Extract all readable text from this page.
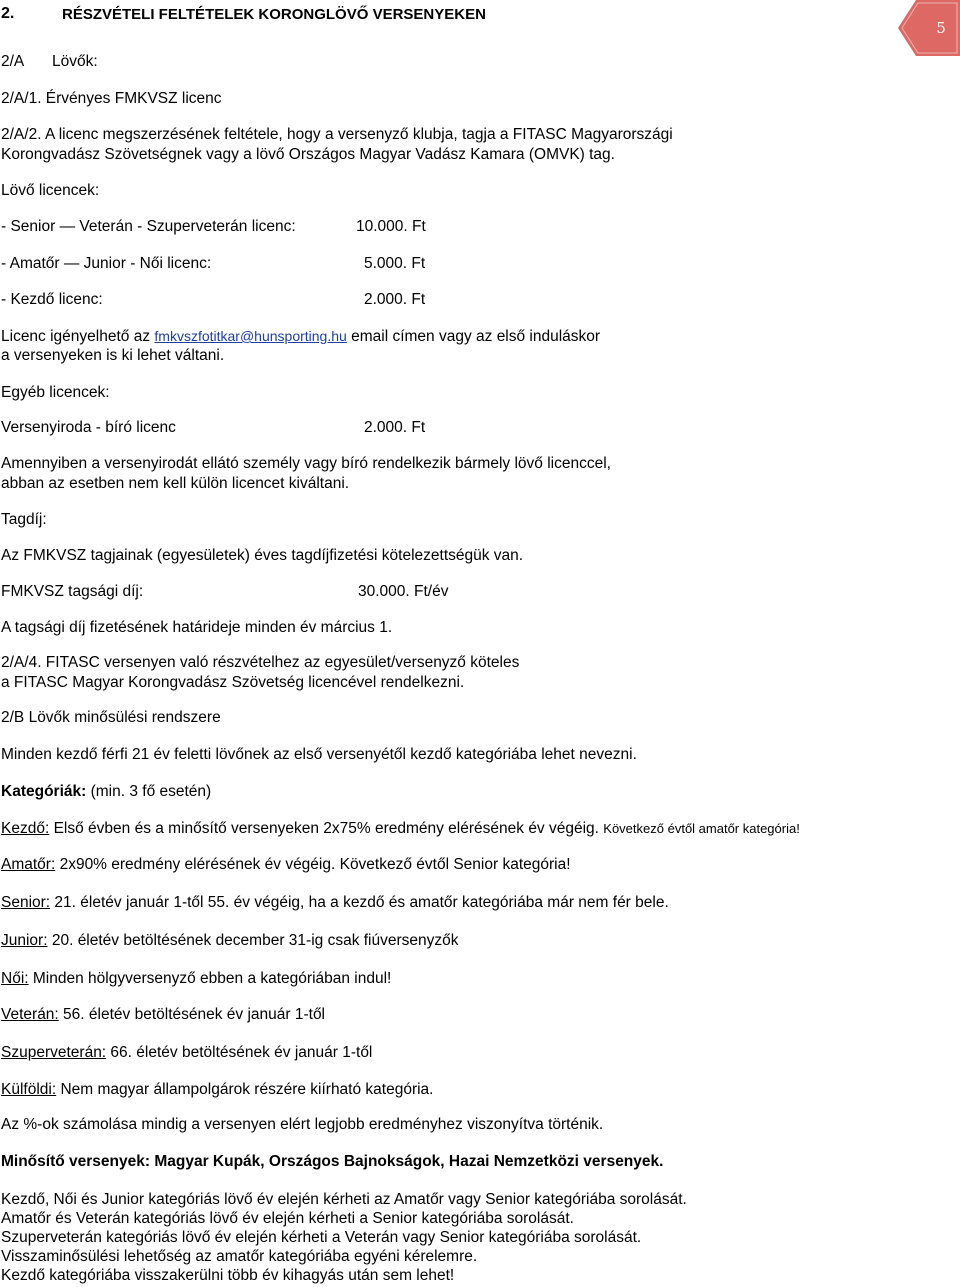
2.	RÉSZVÉTELI FELTÉTELEK KORONGLÖVŐ VERSENYEKEN
5
2/A Lövők:
2/A/1. Érvényes FMKVSZ licenc
2/A/2. A licenc megszerzésének feltétele, hogy a versenyző klubja, tagja a FITASC Magyarországi
Korongvadász Szövetségnek vagy a lövő Országos Magyar Vadász Kamara (OMVK) tag.
Lövő licencek:
- Senior — Veterán - Szuperveterán licenc:	10.000. Ft
- Amatőr — Junior - Női licenc:	5.000. Ft
- Kezdő licenc:	2.000. Ft
Licenc igényelhető az fmkvszfotitkar@hunsporting.hu email címen vagy az első induláskor
a versenyeken is ki lehet váltani.
Egyéb licencek:
Versenyiroda - bíró licenc	2.000. Ft
Amennyiben a versenyirodát ellátó személy vagy bíró rendelkezik bármely lövő licenccel,
abban az esetben nem kell külön licencet kiváltani.
Tagdíj:
Az FMKVSZ tagjainak (egyesületek) éves tagdíjfizetési kötelezettségük van.
FMKVSZ tagsági díj:	30.000. Ft/év
A tagsági díj fizetésének határideje minden év március 1.
2/A/4. FITASC versenyen való részvételhez az egyesület/versenyző köteles
a FITASC Magyar Korongvadász Szövetség licencével rendelkezni.
2/B Lövők minősülési rendszere
Minden kezdő férfi 21 év feletti lövőnek az első versenyétől kezdő kategóriába lehet nevezni.
Kategóriák: (min. 3 fő esetén)
Kezdő: Első évben és a minősítő versenyeken 2x75% eredmény elérésének év végéig. Következő évtől amatőr kategória!
Amatőr: 2x90% eredmény elérésének év végéig. Következő évtől Senior kategória!
Senior: 21. életév január 1-től 55. év végéig, ha a kezdő és amatőr kategóriába már nem fér bele.
Junior: 20. életév betöltésének december 31-ig csak fiúversenyzők
Női: Minden hölgyversenyző ebben a kategóriában indul!
Veterán: 56. életév betöltésének év január 1-től
Szuperveterán: 66. életév betöltésének év január 1-től
Külföldi: Nem magyar állampolgárok részére kiírható kategória.
Az %-ok számolása mindig a versenyen elért legjobb eredményhez viszonyítva történik.
Minősítő versenyek: Magyar Kupák, Országos Bajnokságok, Hazai Nemzetközi versenyek.
Kezdő, Női és Junior kategóriás lövő év elején kérheti az Amatőr vagy Senior kategóriába sorolását.
Amatőr és Veterán kategóriás lövő év elején kérheti a Senior kategóriába sorolását.
Szuperveterán kategóriás lövő év elején kérheti a Veterán vagy Senior kategóriába sorolását.
Visszaminősülési lehetőség az amatőr kategóriába egyéni kérelemre.
Kezdő kategóriába visszakerülni több év kihagyás után sem lehet!
